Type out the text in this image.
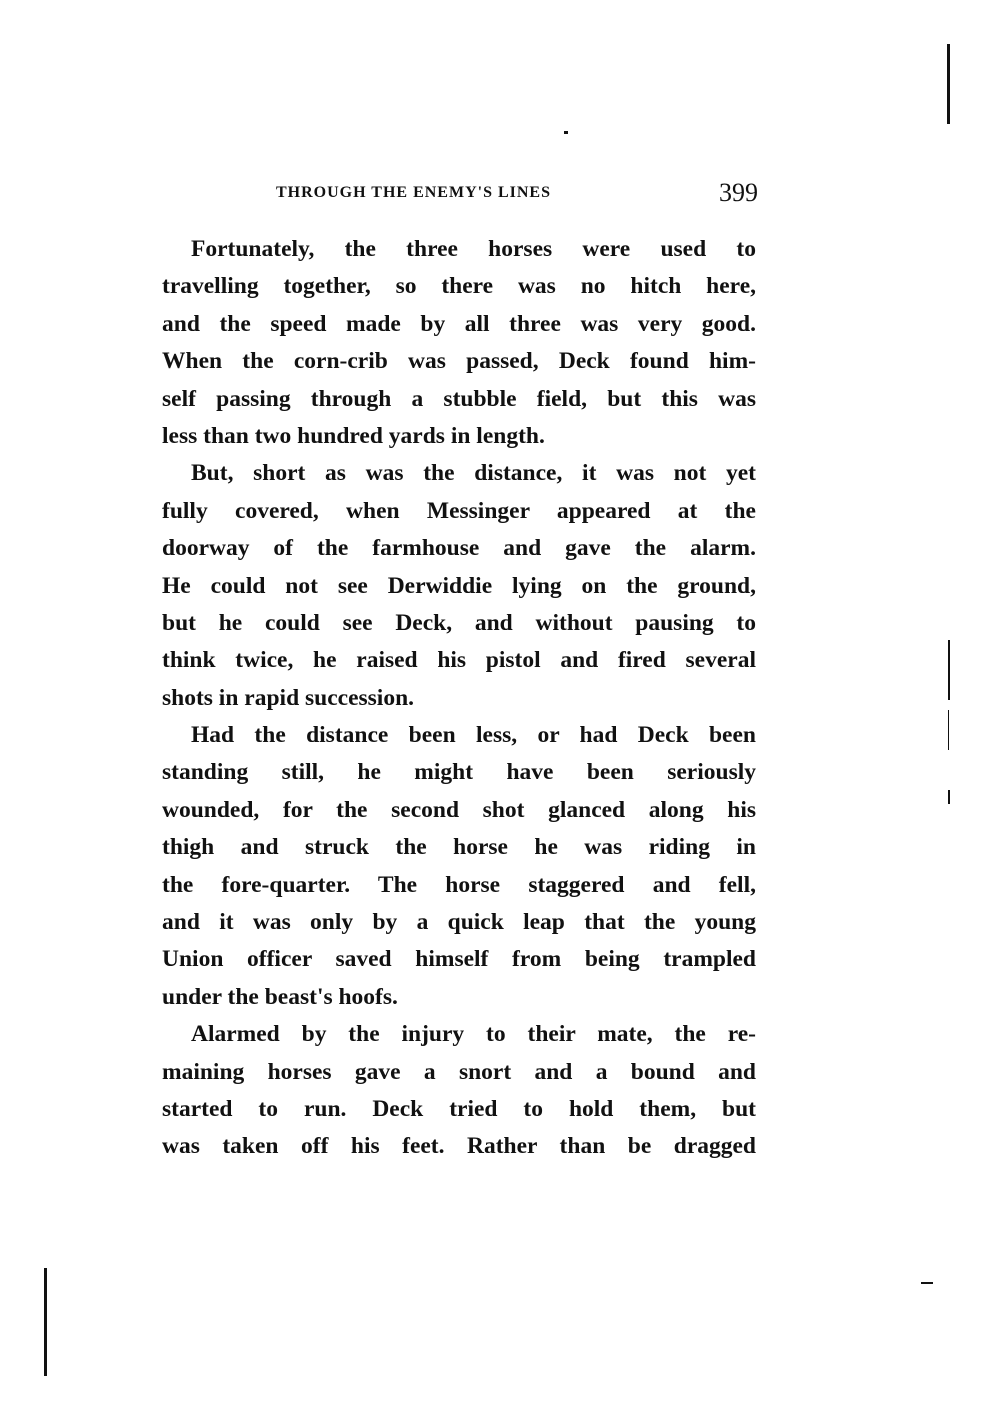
THROUGH THE ENEMY'S LINES	399

Fortunately, the three horses were used to
travelling together, so there was no hitch here,
and the speed made by all three was very good.
When the corn-crib was passed, Deck found him-
self passing through a stubble field, but this was
less than two hundred yards in length.

But, short as was the distance, it was not yet
fully covered, when Messinger appeared at the
doorway of the farmhouse and gave the alarm.
He could not see Derwiddie lying on the ground,
but he could see Deck, and without pausing to
think twice, he raised his pistol and fired several
shots in rapid succession.

Had the distance been less, or had Deck been
standing still, he might have been seriously
wounded, for the second shot glanced along his
thigh and struck the horse he was riding in
the fore-quarter. The horse staggered and fell,
and it was only by a quick leap that the young
Union officer saved himself from being trampled
under the beast's hoofs.

Alarmed by the injury to their mate, the re-
maining horses gave a snort and a bound and
started to run. Deck tried to hold them, but
was taken off his feet. Rather than be dragged
